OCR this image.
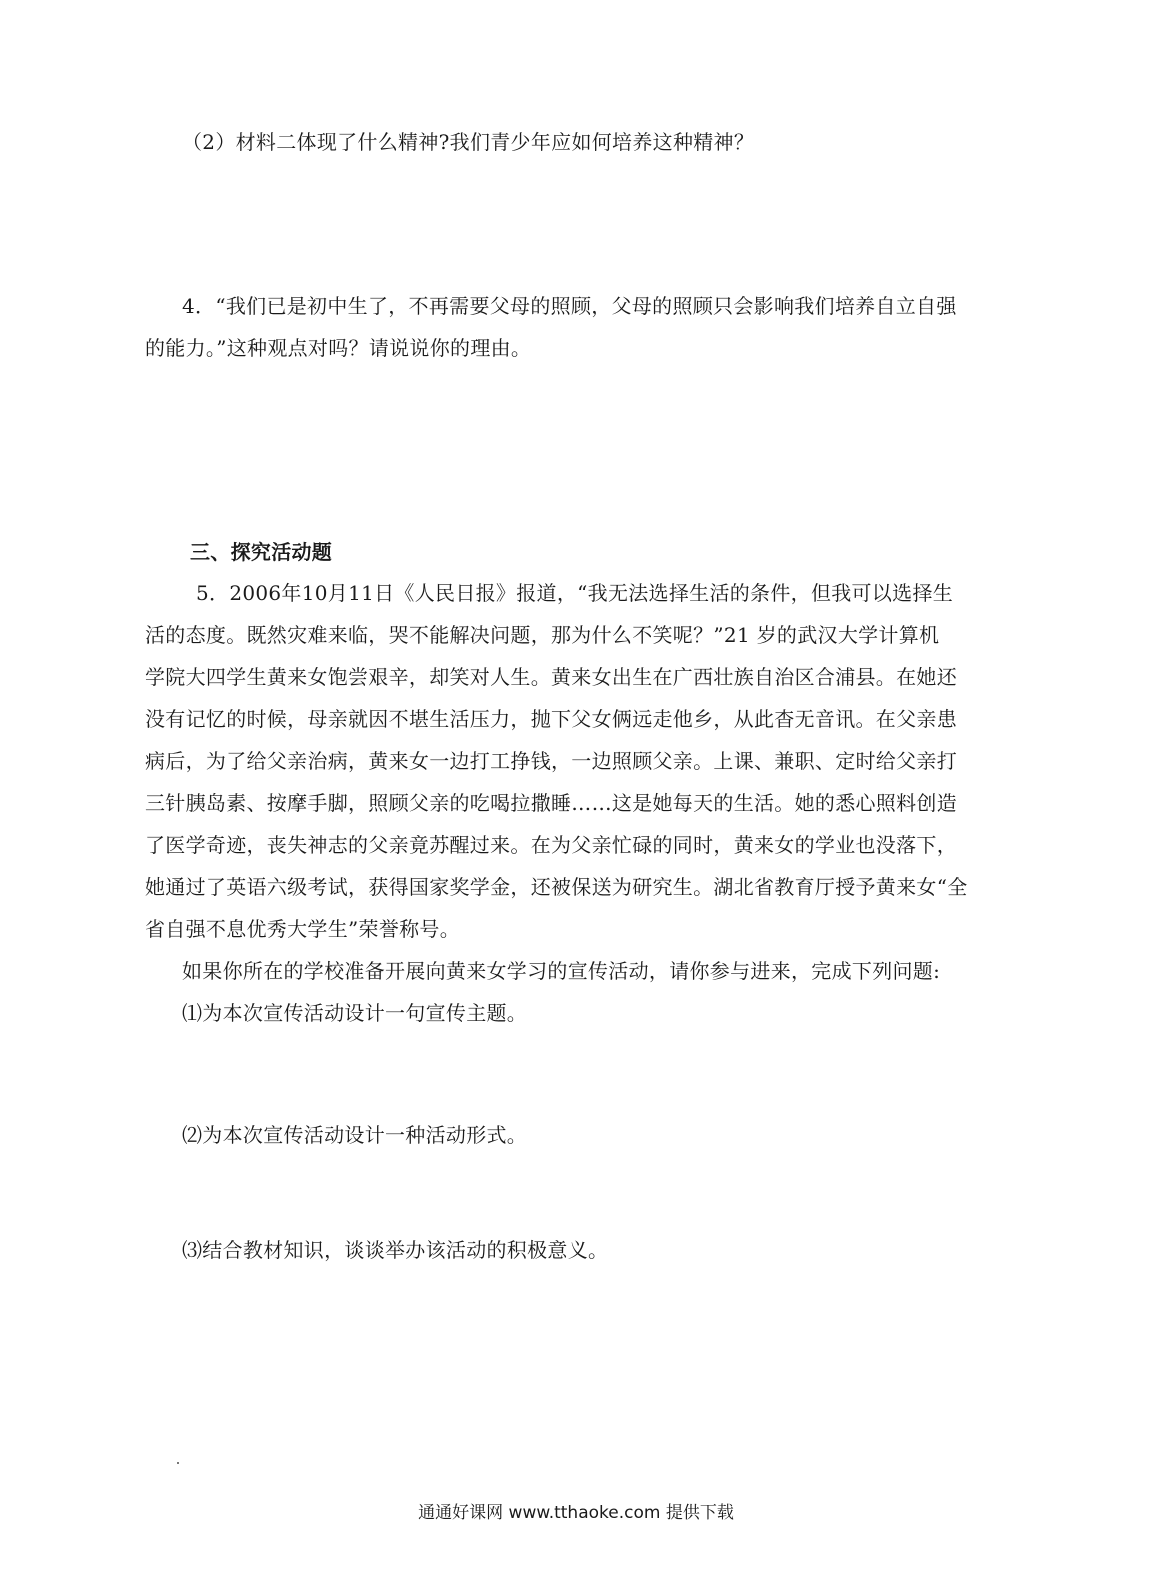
（2）材料二体现了什么精神?我们青少年应如何培养这种精神？
4．“我们已是初中生了，不再需要父母的照顾，父母的照顾只会影响我们培养自立自强
的能力。”这种观点对吗？请说说你的理由。
三、探究活动题
5．2006年10月11日《人民日报》报道，“我无法选择生活的条件，但我可以选择生
活的态度。既然灾难来临，哭不能解决问题，那为什么不笑呢？”21 岁的武汉大学计算机
学院大四学生黄来女饱尝艰辛，却笑对人生。黄来女出生在广西壮族自治区合浦县。在她还
没有记忆的时候，母亲就因不堪生活压力，抛下父女俩远走他乡，从此杳无音讯。在父亲患
病后，为了给父亲治病，黄来女一边打工挣钱，一边照顾父亲。上课、兼职、定时给父亲打
三针胰岛素、按摩手脚，照顾父亲的吃喝拉撒睡……这是她每天的生活。她的悉心照料创造
了医学奇迹，丧失神志的父亲竟苏醒过来。在为父亲忙碌的同时，黄来女的学业也没落下，
她通过了英语六级考试，获得国家奖学金，还被保送为研究生。湖北省教育厅授予黄来女“全
省自强不息优秀大学生”荣誉称号。
如果你所在的学校准备开展向黄来女学习的宣传活动，请你参与进来，完成下列问题:
⑴为本次宣传活动设计一句宣传主题。
⑵为本次宣传活动设计一种活动形式。
⑶结合教材知识，谈谈举办该活动的积极意义。
通通好课网 www.tthaoke.com 提供下载
